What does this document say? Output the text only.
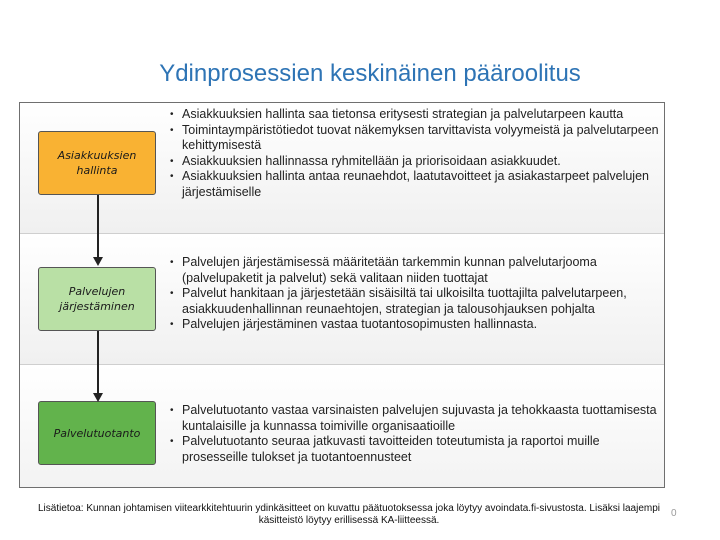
Ydinprosessien keskinäinen pääroolitus
Asiakkuuksien
hallinta
Palvelujen
järjestäminen
Palvelutuotanto
• Asiakkuuksien hallinta saa tietonsa eritysesti strategian ja palvelutarpeen kautta
• Toimintaympäristötiedot tuovat näkemyksen tarvittavista volyymeistä ja palvelutarpeen kehittymisestä
• Asiakkuuksien hallinnassa ryhmitellään ja priorisoidaan asiakkuudet.
• Asiakkuuksien hallinta antaa reunaehdot, laatutavoitteet ja asiakastarpeet palvelujen järjestämiselle
• Palvelujen järjestämisessä määritetään tarkemmin kunnan palvelutarjooma (palvelupaketit ja palvelut) sekä valitaan niiden tuottajat
• Palvelut hankitaan ja järjestetään sisäisiltä tai ulkoisilta tuottajilta palvelutarpeen, asiakkuudenhallinnan reunaehtojen, strategian ja talousohjauksen pohjalta
• Palvelujen järjestäminen vastaa tuotantosopimusten hallinnasta.
• Palvelutuotanto vastaa varsinaisten palvelujen sujuvasta ja tehokkaasta tuottamisesta kuntalaisille ja kunnassa toimiville organisaatioille
• Palvelutuotanto seuraa jatkuvasti tavoitteiden toteutumista ja raportoi muille prosesseille tulokset ja tuotantoennusteet
Lisätietoa: Kunnan johtamisen viitearkkitehtuurin ydinkäsitteet on kuvattu päätuotoksessa joka löytyy avoindata.fi-sivustosta. Lisäksi laajempi käsitteistö löytyy erillisessä KA-liitteessä.
0
